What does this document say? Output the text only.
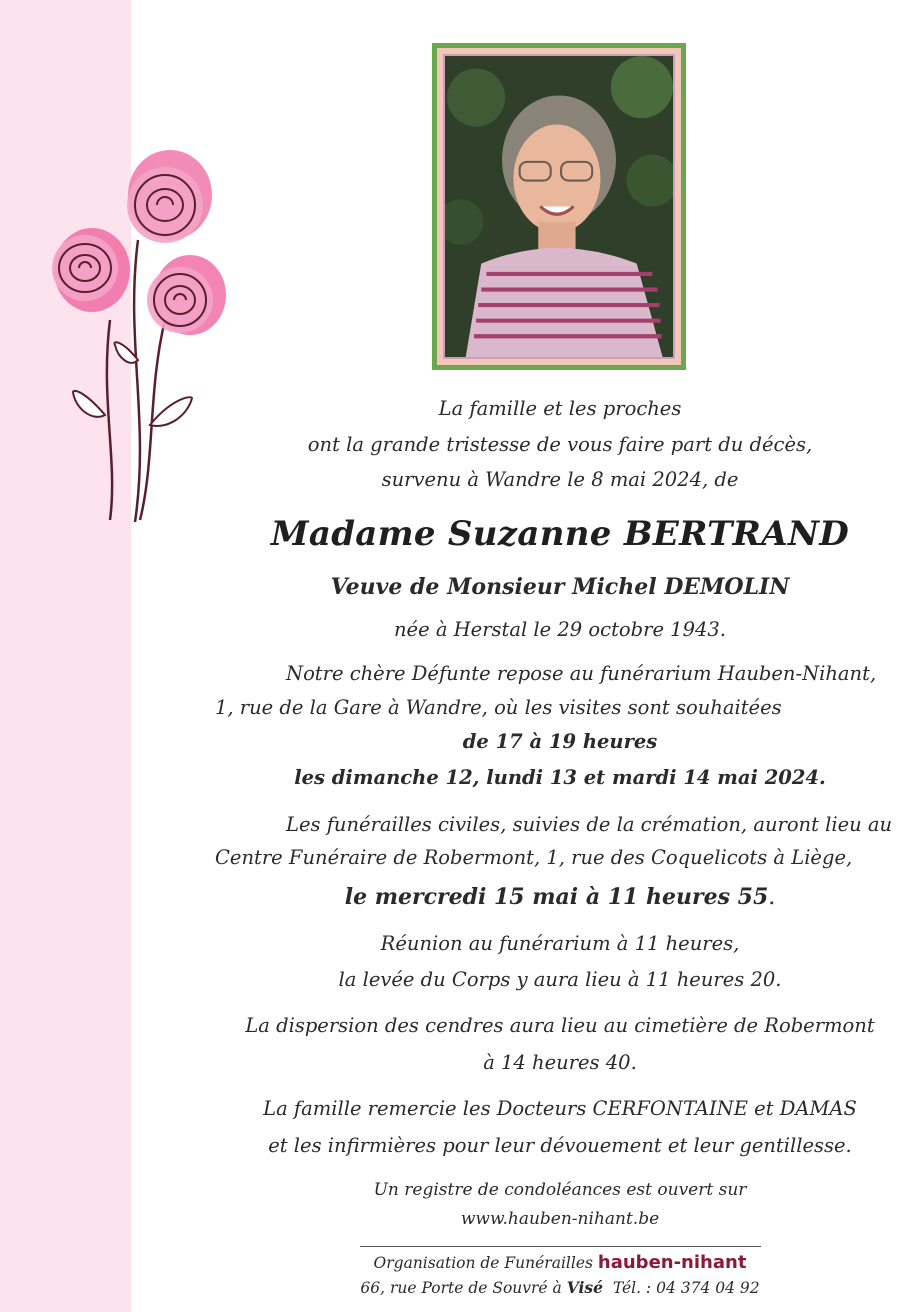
La famille et les proches
ont la grande tristesse de vous faire part du décès,
survenu à Wandre le 8 mai 2024, de
Madame Suzanne BERTRAND
Veuve de Monsieur Michel DEMOLIN
née à Herstal le 29 octobre 1943.
Notre chère Défunte repose au funérarium Hauben-Nihant,
1, rue de la Gare à Wandre, où les visites sont souhaitées
de 17 à 19 heures
les dimanche 12, lundi 13 et mardi 14 mai 2024.
Les funérailles civiles, suivies de la crémation, auront lieu au
Centre Funéraire de Robermont, 1, rue des Coquelicots à Liège,
le mercredi 15 mai à 11 heures 55.
Réunion au funérarium à 11 heures,
la levée du Corps y aura lieu à 11 heures 20.
La dispersion des cendres aura lieu au cimetière de Robermont
à 14 heures 40.
La famille remercie les Docteurs CERFONTAINE et DAMAS
et les infirmières pour leur dévouement et leur gentillesse.
Un registre de condoléances est ouvert sur
www.hauben-nihant.be
Organisation de Funérailles hauben-nihant
66, rue Porte de Souvré à Visé Tél. : 04 374 04 92
